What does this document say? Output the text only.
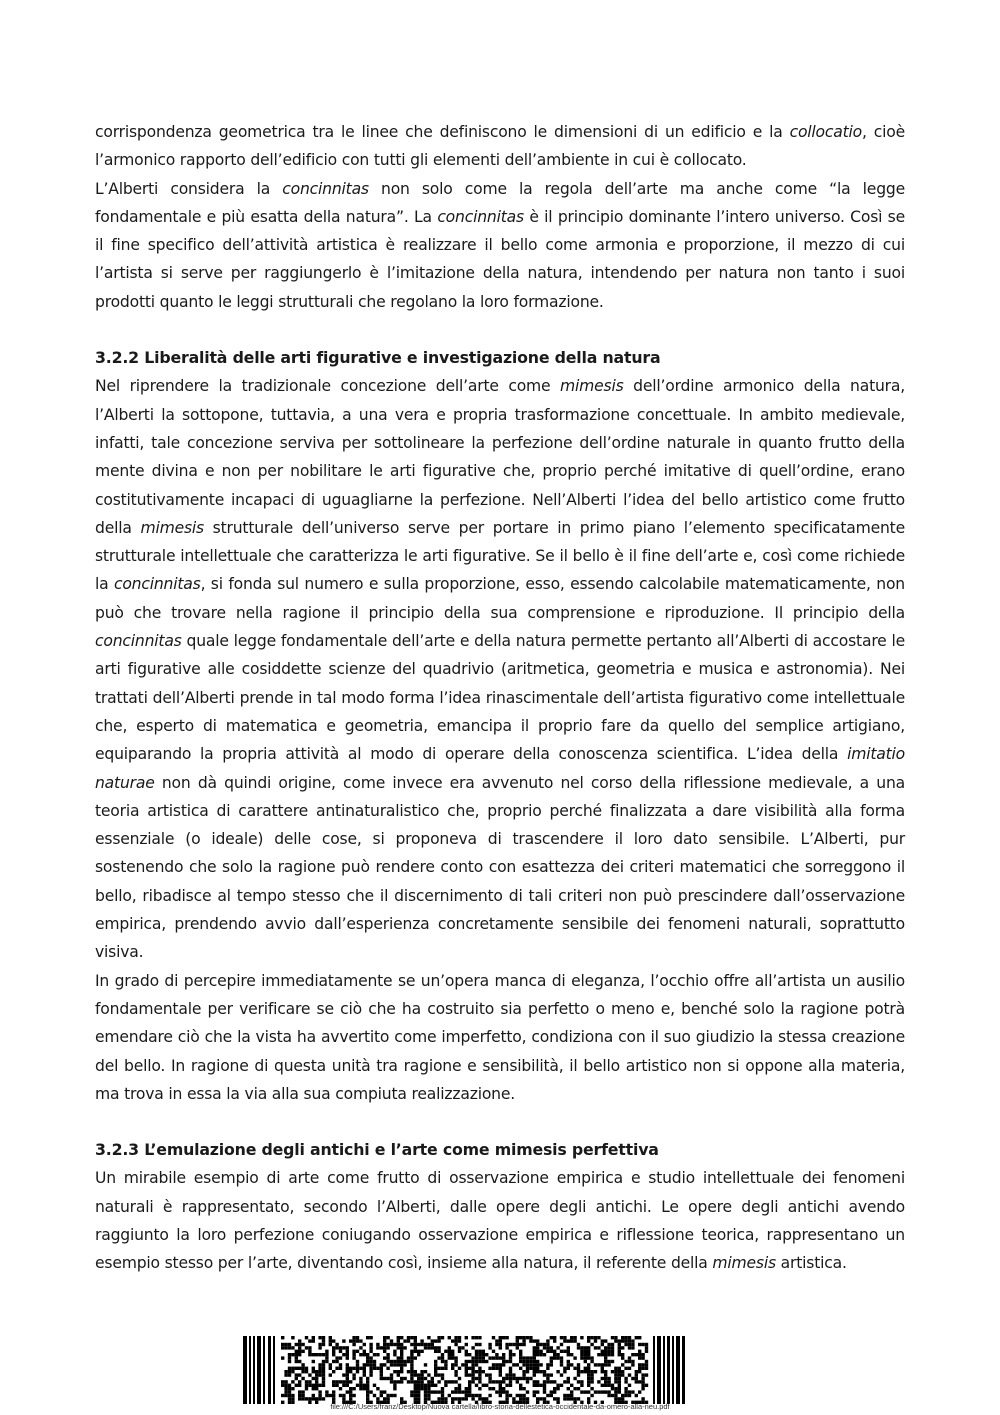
corrispondenza geometrica tra le linee che definiscono le dimensioni di un edificio e la collocatio, cioè l’armonico rapporto dell’edificio con tutti gli elementi dell’ambiente in cui è collocato.

L’Alberti considera la concinnitas non solo come la regola dell’arte ma anche come “la legge fondamentale e più esatta della natura”. La concinnitas è il principio dominante l’intero universo. Così se il fine specifico dell’attività artistica è realizzare il bello come armonia e proporzione, il mezzo di cui l’artista si serve per raggiungerlo è l’imitazione della natura, intendendo per natura non tanto i suoi prodotti quanto le leggi strutturali che regolano la loro formazione.

3.2.2 Liberalità delle arti figurative e investigazione della natura

Nel riprendere la tradizionale concezione dell’arte come mimesis dell’ordine armonico della natura, l’Alberti la sottopone, tuttavia, a una vera e propria trasformazione concettuale. In ambito medievale, infatti, tale concezione serviva per sottolineare la perfezione dell’ordine naturale in quanto frutto della mente divina e non per nobilitare le arti figurative che, proprio perché imitative di quell’ordine, erano costitutivamente incapaci di uguagliarne la perfezione. Nell’Alberti l’idea del bello artistico come frutto della mimesis strutturale dell’universo serve per portare in primo piano l’elemento specificatamente strutturale intellettuale che caratterizza le arti figurative. Se il bello è il fine dell’arte e, così come richiede la concinnitas, si fonda sul numero e sulla proporzione, esso, essendo calcolabile matematicamente, non può che trovare nella ragione il principio della sua comprensione e riproduzione. Il principio della concinnitas quale legge fondamentale dell’arte e della natura permette pertanto all’Alberti di accostare le arti figurative alle cosiddette scienze del quadrivio (aritmetica, geometria e musica e astronomia). Nei trattati dell’Alberti prende in tal modo forma l’idea rinascimentale dell’artista figurativo come intellettuale che, esperto di matematica e geometria, emancipa il proprio fare da quello del semplice artigiano, equiparando la propria attività al modo di operare della conoscenza scientifica. L’idea della imitatio naturae non dà quindi origine, come invece era avvenuto nel corso della riflessione medievale, a una teoria artistica di carattere antinaturalistico che, proprio perché finalizzata a dare visibilità alla forma essenziale (o ideale) delle cose, si proponeva di trascendere il loro dato sensibile. L’Alberti, pur sostenendo che solo la ragione può rendere conto con esattezza dei criteri matematici che sorreggono il bello, ribadisce al tempo stesso che il discernimento di tali criteri non può prescindere dall’osservazione empirica, prendendo avvio dall’esperienza concretamente sensibile dei fenomeni naturali, soprattutto visiva.

In grado di percepire immediatamente se un’opera manca di eleganza, l’occhio offre all’artista un ausilio fondamentale per verificare se ciò che ha costruito sia perfetto o meno e, benché solo la ragione potrà emendare ciò che la vista ha avvertito come imperfetto, condiziona con il suo giudizio la stessa creazione del bello. In ragione di questa unità tra ragione e sensibilità, il bello artistico non si oppone alla materia, ma trova in essa la via alla sua compiuta realizzazione.

3.2.3 L’emulazione degli antichi e l’arte come mimesis perfettiva

Un mirabile esempio di arte come frutto di osservazione empirica e studio intellettuale dei fenomeni naturali è rappresentato, secondo l’Alberti, dalle opere degli antichi. Le opere degli antichi avendo raggiunto la loro perfezione coniugando osservazione empirica e riflessione teorica, rappresentano un esempio stesso per l’arte, diventando così, insieme alla natura, il referente della mimesis artistica.

file:///C:/Users/franz/Desktop/Nuova cartella/libro-storia-dellestetica-occidentale-da-omero-alla-neu.pdf
